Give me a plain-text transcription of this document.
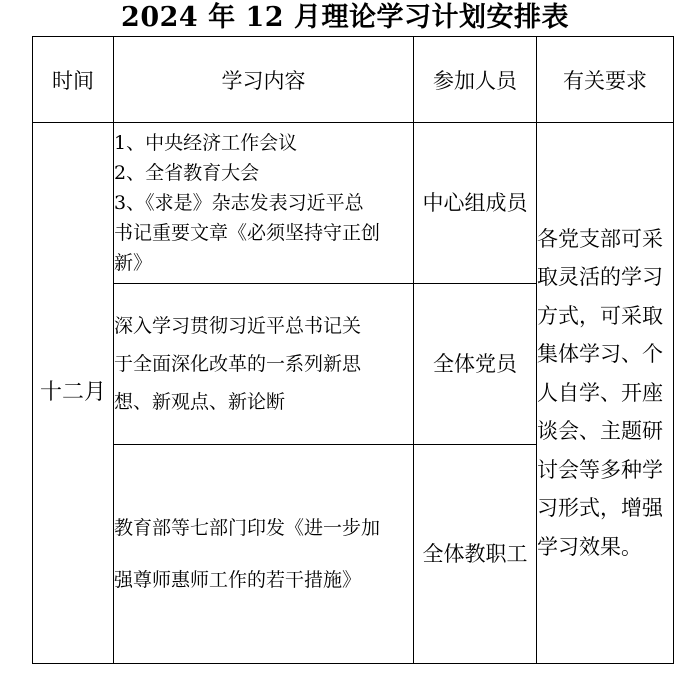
2024 年 12 月理论学习计划安排表
时间	学习内容	参加人员	有关要求
十二月	1、中央经济工作会议
2、全省教育大会
3、《求是》杂志发表习近平总
书记重要文章《必须坚持守正创
新》	中心组成员	各党支部可采取灵活的学习方式，可采取集体学习、个人自学、开座谈会、主题研讨会等多种学习形式，增强学习效果。

	深入学习贯彻习近平总书记关
于全面深化改革的一系列新思
想、新观点、新论断	全体党员	

	教育部等七部门印发《进一步加
强尊师惠师工作的若干措施》	全体教职工	
